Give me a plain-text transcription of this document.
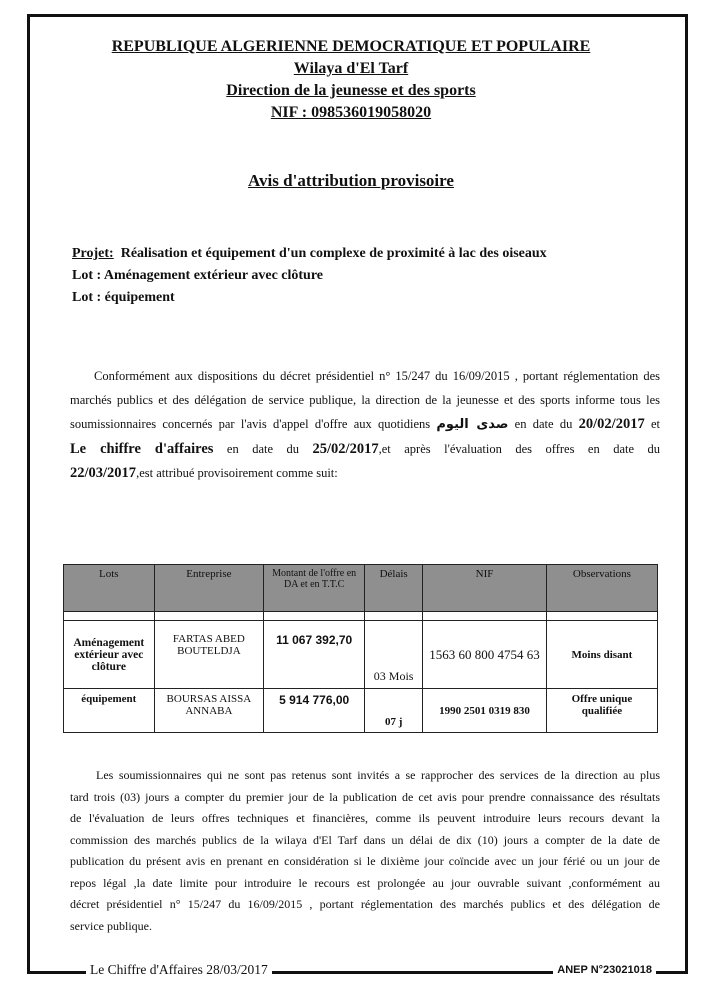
REPUBLIQUE ALGERIENNE DEMOCRATIQUE ET POPULAIRE
Wilaya d'El Tarf
Direction de la jeunesse et des sports
NIF : 098536019058020
Avis d'attribution provisoire
Projet: Réalisation et équipement d'un complexe de proximité à lac des oiseaux
Lot : Aménagement extérieur avec clôture
Lot : équipement
Conformément aux dispositions du décret présidentiel n° 15/247 du 16/09/2015 , portant réglementation des
marchés publics et des délégation de service publique, la direction de la jeunesse et des sports informe tous les
soumissionnaires concernés par l'avis d'appel d'offre aux quotidiens صدى اليوم en date du 20/02/2017 et
Le chiffre d'affaires en date du 25/02/2017,et après l'évaluation des offres en date du
22/03/2017,est attribué provisoirement comme suit:
Lots	Entreprise	Montant de l'offre en DA et en T.T.C	Délais	NIF	Observations

Aménagement extérieur avec clôture	FARTAS ABED BOUTELDJA	11 067 392,70	03 Mois	1563 60 800 4754 63	Moins disant
équipement	BOURSAS AISSA ANNABA	5 914 776,00	07 j	1990 2501 0319 830	Offre unique qualifiée
Les soumissionnaires qui ne sont pas retenus sont invités a se rapprocher des services de la direction au plus
tard trois (03) jours a compter du premier jour de la publication de cet avis pour prendre connaissance des résultats
de l'évaluation de leurs offres techniques et financières, comme ils peuvent introduire leurs recours devant la
commission des marchés publics de la wilaya d'El Tarf dans un délai de dix (10) jours a compter de la date de
publication du présent avis en prenant en considération si le dixième jour coïncide avec un jour férié ou un jour de
repos légal ,la date limite pour introduire le recours est prolongée au jour ouvrable suivant ,conformément au
décret présidentiel n° 15/247 du 16/09/2015 , portant réglementation des marchés publics et des délégation de
service publique.
Le Chiffre d'Affaires 28/03/2017	ANEP N°23021018
